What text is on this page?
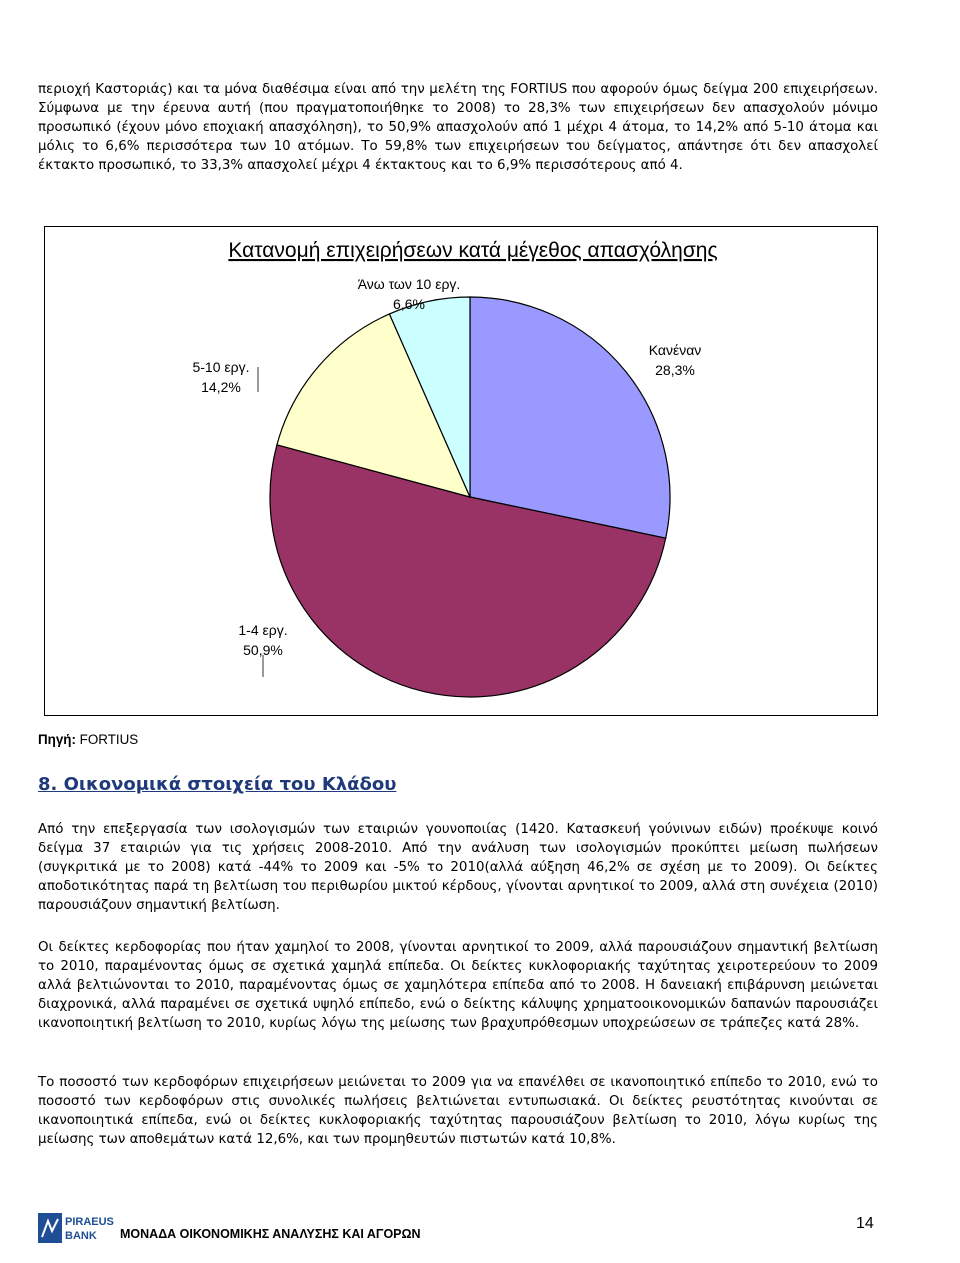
περιοχή Καστοριάς) και τα μόνα διαθέσιμα είναι από την μελέτη της FORTIUS που αφορούν όμως δείγμα 200 επιχειρήσεων. Σύμφωνα με την έρευνα αυτή (που πραγματοποιήθηκε το 2008) το 28,3% των επιχειρήσεων δεν απασχολούν μόνιμο προσωπικό (έχουν μόνο εποχιακή απασχόληση), το 50,9% απασχολούν από 1 μέχρι 4 άτομα, το 14,2% από 5-10 άτομα και μόλις το 6,6% περισσότερα των 10 ατόμων. Το 59,8% των επιχειρήσεων του δείγματος, απάντησε ότι δεν απασχολεί έκτακτο προσωπικό, το 33,3% απασχολεί μέχρι 4 έκτακτους και το 6,9% περισσότερους από 4.

Κατανομή επιχειρήσεων κατά μέγεθος απασχόλησης
Κανέναν
28,3%
1-4 εργ.
50,9%
5-10 εργ.
14,2%
Άνω των 10 εργ.
6,6%
Πηγή: FORTIUS
8. Οικονομικά στοιχεία του Κλάδου

Από την επεξεργασία των ισολογισμών των εταιριών γουνοποιίας (1420. Κατασκευή γούνινων ειδών) προέκυψε κοινό δείγμα 37 εταιριών για τις χρήσεις 2008-2010. Από την ανάλυση των ισολογισμών προκύπτει μείωση πωλήσεων (συγκριτικά με το 2008) κατά -44% το 2009 και -5% το 2010(αλλά αύξηση 46,2% σε σχέση με το 2009). Οι δείκτες αποδοτικότητας παρά τη βελτίωση του περιθωρίου μικτού κέρδους, γίνονται αρνητικοί το 2009, αλλά στη συνέχεια (2010) παρουσιάζουν σημαντική βελτίωση.

Οι δείκτες κερδοφορίας που ήταν χαμηλοί το 2008, γίνονται αρνητικοί το 2009, αλλά παρουσιάζουν σημαντική βελτίωση το 2010, παραμένοντας όμως σε σχετικά χαμηλά επίπεδα. Οι δείκτες κυκλοφοριακής ταχύτητας χειροτερεύουν το 2009 αλλά βελτιώνονται το 2010, παραμένοντας όμως σε χαμηλότερα επίπεδα από το 2008. Η δανειακή επιβάρυνση μειώνεται διαχρονικά, αλλά παραμένει σε σχετικά υψηλό επίπεδο, ενώ ο δείκτης κάλυψης χρηματοοικονομικών δαπανών παρουσιάζει ικανοποιητική βελτίωση το 2010, κυρίως λόγω της μείωσης των βραχυπρόθεσμων υποχρεώσεων σε τράπεζες κατά 28%.

Το ποσοστό των κερδοφόρων επιχειρήσεων μειώνεται το 2009 για να επανέλθει σε ικανοποιητικό επίπεδο το 2010, ενώ το ποσοστό των κερδοφόρων στις συνολικές πωλήσεις βελτιώνεται εντυπωσιακά. Οι δείκτες ρευστότητας κινούνται σε ικανοποιητικά επίπεδα, ενώ οι δείκτες κυκλοφοριακής ταχύτητας παρουσιάζουν βελτίωση το 2010, λόγω κυρίως της μείωσης των αποθεμάτων κατά 12,6%, και των προμηθευτών πιστωτών κατά 10,8%.

PIRAEUS
BANK ΜΟΝΑΔΑ ΟΙΚΟΝΟΜΙΚΗΣ ΑΝΑΛΥΣΗΣ ΚΑΙ ΑΓΟΡΩΝ
14
